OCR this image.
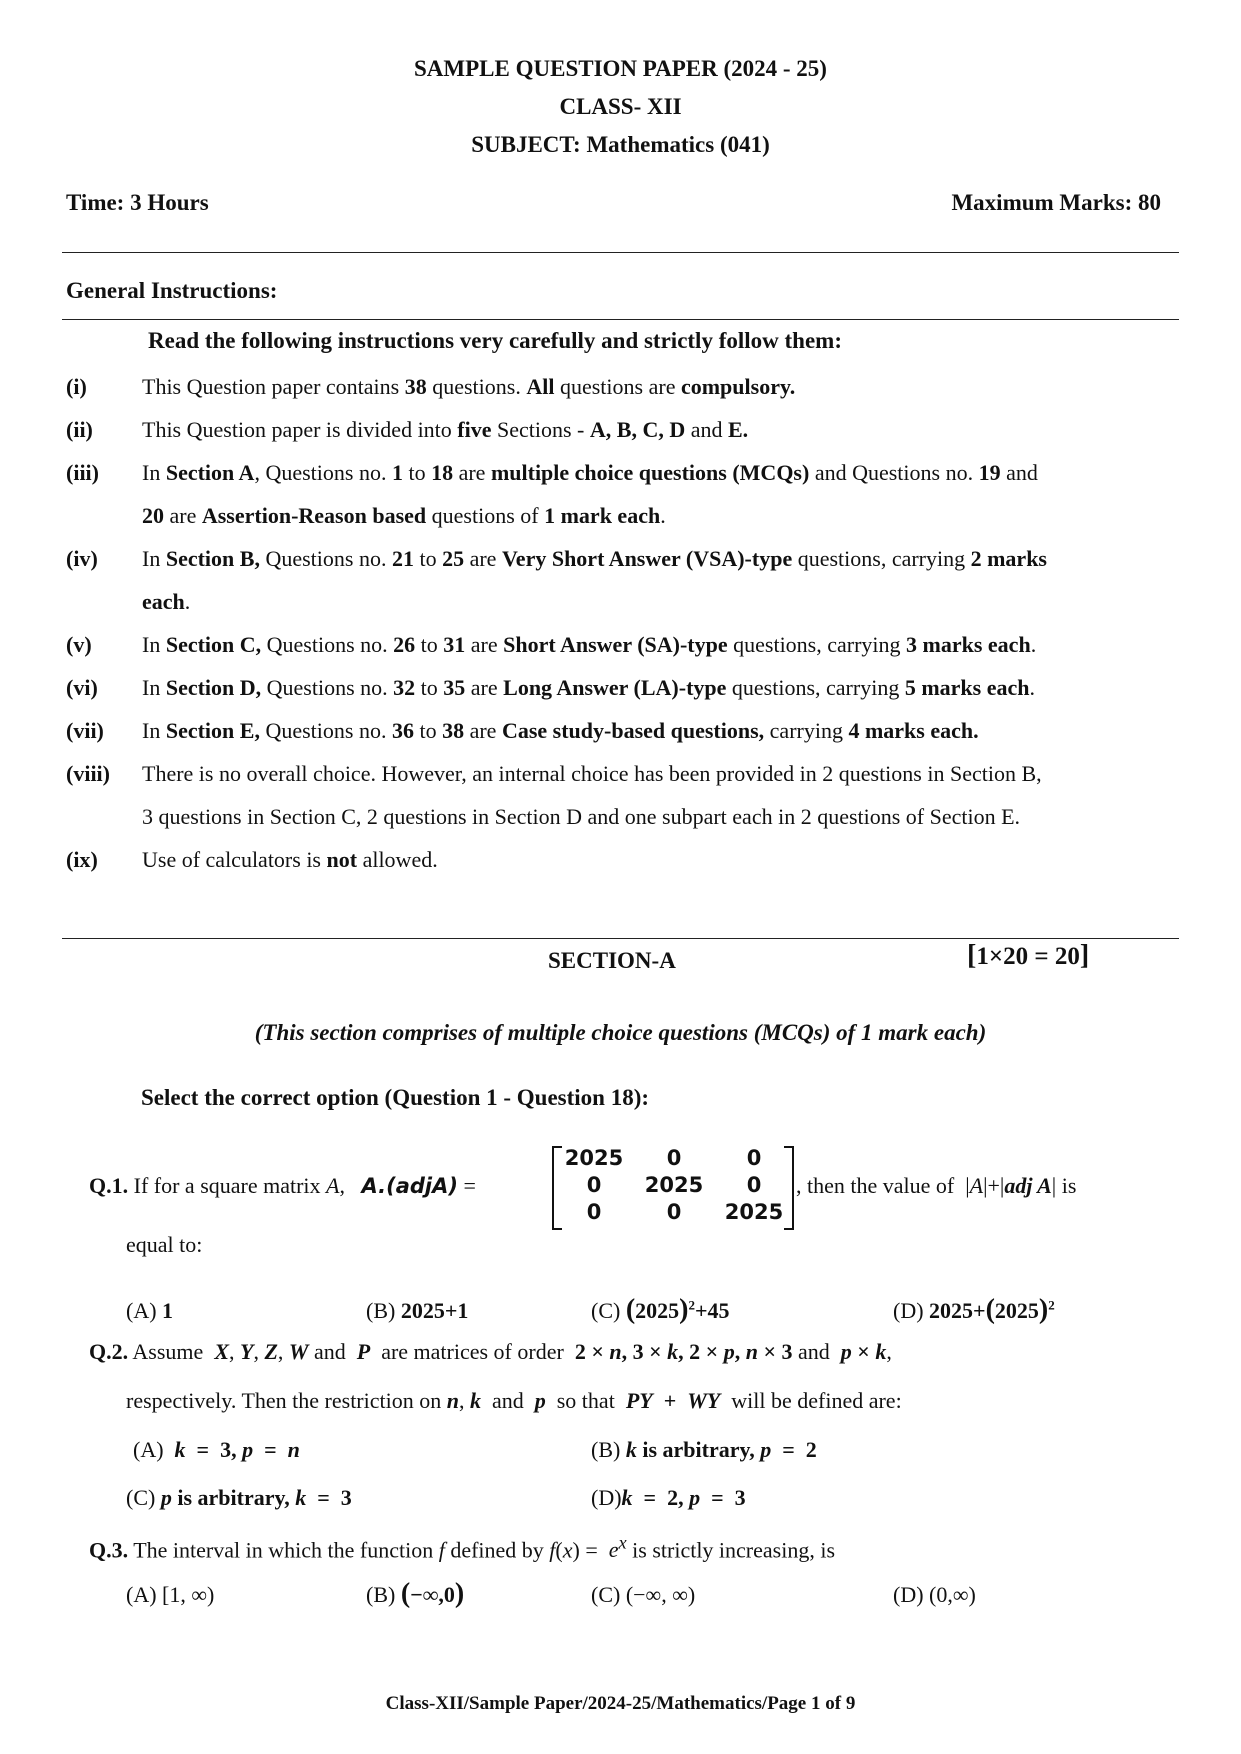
SAMPLE QUESTION PAPER (2024 - 25)
CLASS- XII
SUBJECT: Mathematics (041)
Time: 3 Hours	Maximum Marks: 80
General Instructions:
Read the following instructions very carefully and strictly follow them:
(i)	This Question paper contains 38 questions. All questions are compulsory.
(ii) This Question paper is divided into five Sections - A, B, C, D and E.
(iii) In Section A, Questions no. 1 to 18 are multiple choice questions (MCQs) and Questions no. 19 and
20 are Assertion-Reason based questions of 1 mark each.
(iv) In Section B, Questions no. 21 to 25 are Very Short Answer (VSA)-type questions, carrying 2 marks
each.
(v) In Section C, Questions no. 26 to 31 are Short Answer (SA)-type questions, carrying 3 marks each.
(vi) In Section D, Questions no. 32 to 35 are Long Answer (LA)-type questions, carrying 5 marks each.
(vii) In Section E, Questions no. 36 to 38 are Case study-based questions, carrying 4 marks each.
(viii) There is no overall choice. However, an internal choice has been provided in 2 questions in Section B,
3 questions in Section C, 2 questions in Section D and one subpart each in 2 questions of Section E.
(ix) Use of calculators is not allowed.
SECTION-A	[1×20 = 20]
(This section comprises of multiple choice questions (MCQs) of 1 mark each)
Select the correct option (Question 1 - Question 18):
Q.1. If for a square matrix A,   A.(adjA) =
2025	0	0
0	2025	0
0	0	2025
, then the value of  |A|+|adj A| is
equal to:
(A) 1	(B) 2025+1	(C) $(2025)^2+45$	(D) $2025+(2025)^2$
Q.2. Assume  X, Y, Z, W and  P  are matrices of order  2 × n, 3 × k, 2 × p, n × 3 and  p × k,
respectively. Then the restriction on n, k  and  p  so that  PY + WY  will be defined are:
(A)  k  =  3, p  =  n	(B) k is arbitrary, p  =  2
(C) p is arbitrary, k  =  3	(D)k  =  2, p  =  3
Q.3. The interval in which the function f defined by $f(x) = e^x$ is strictly increasing, is
(A) [1, ∞)	(B) (−∞,0)	(C) (−∞, ∞)	(D) (0,∞)
Class-XII/Sample Paper/2024-25/Mathematics/Page 1 of 9
